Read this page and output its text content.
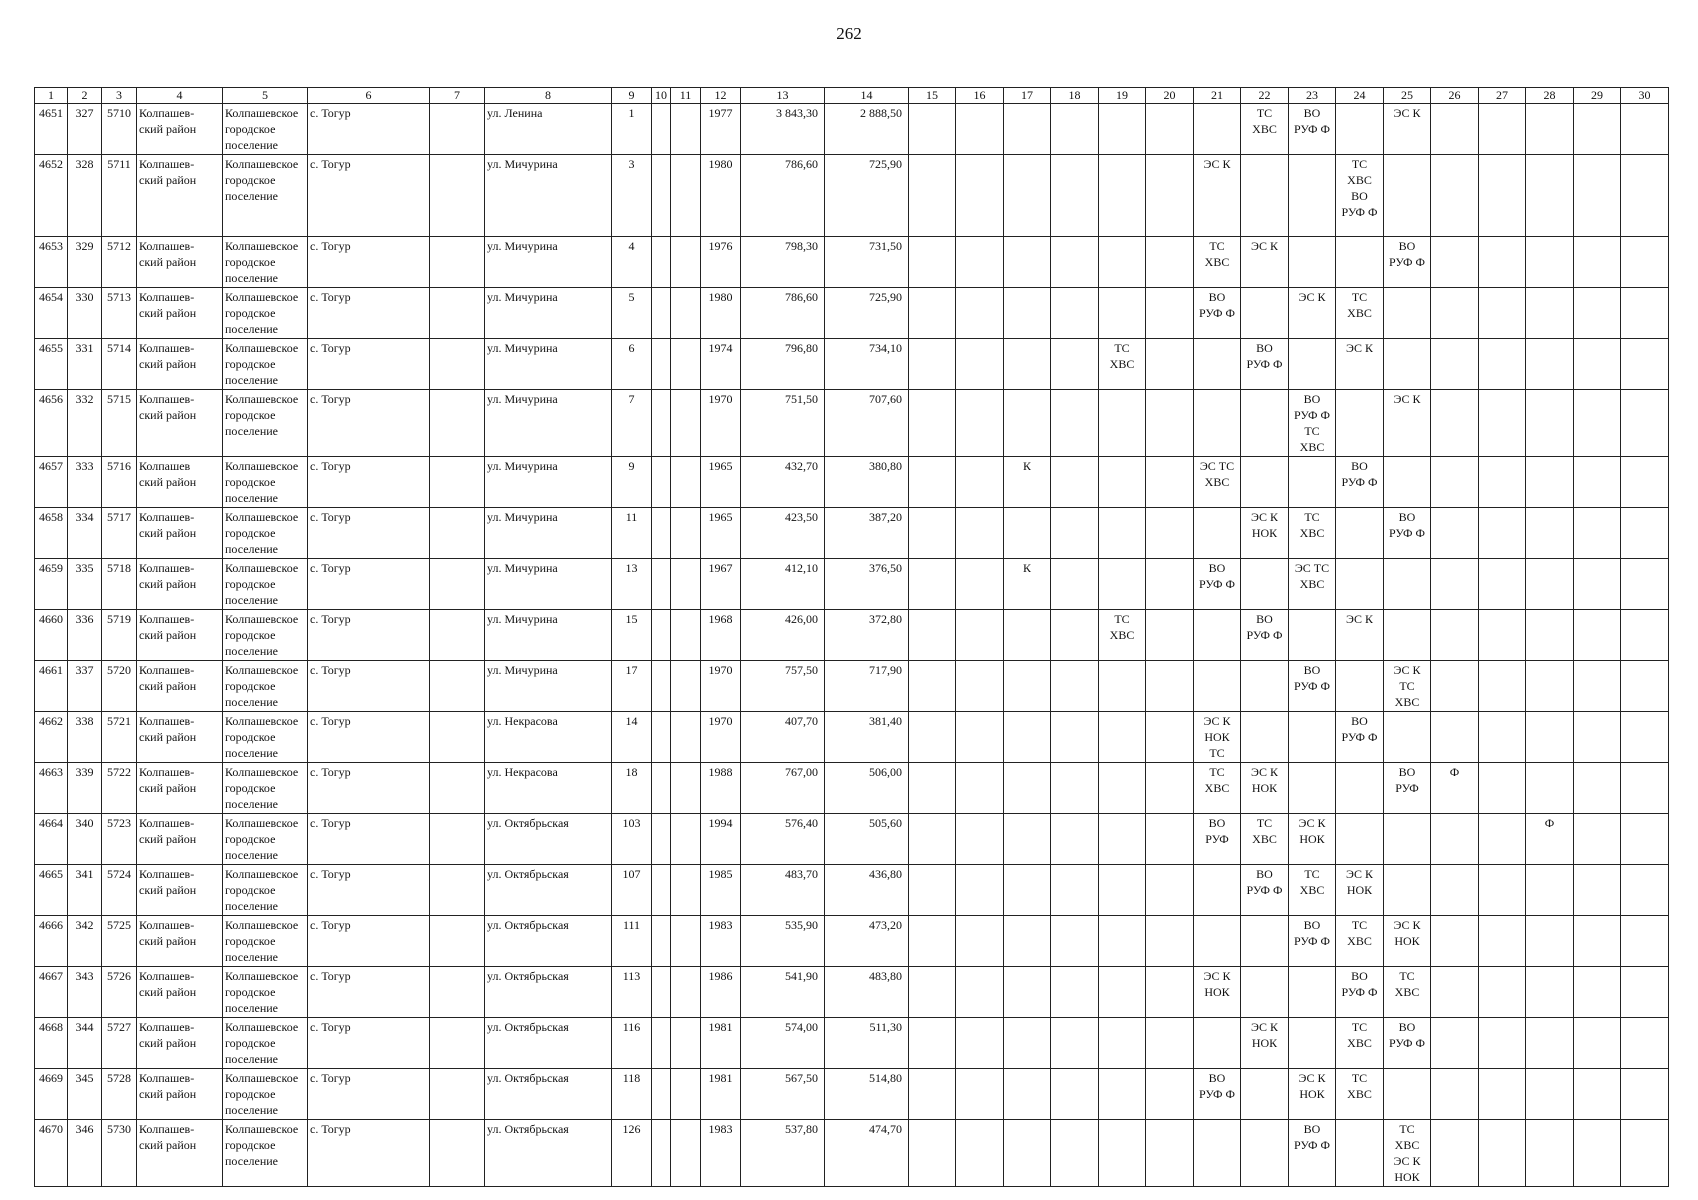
262
1	2	3	4	5	6	7	8	9	10	11	12	13	14	15	16	17	18	19	20	21	22	23	24	25	26	27	28	29	30
4651	327	5710	Колпашев-
ский район	Колпашевское
городское
поселение	с. Тогур		ул. Ленина	1			1977	3 843,30	2 888,50								ТС
ХВС	ВО
РУФ Ф		ЭС К					
4652	328	5711	Колпашев-
ский район	Колпашевское
городское
поселение	с. Тогур		ул. Мичурина	3			1980	786,60	725,90							ЭС К			ТС
ХВС
ВО
РУФ Ф						
4653	329	5712	Колпашев-
ский район	Колпашевское
городское
поселение	с. Тогур		ул. Мичурина	4			1976	798,30	731,50							ТС
ХВС	ЭС К			ВО
РУФ Ф					
4654	330	5713	Колпашев-
ский район	Колпашевское
городское
поселение	с. Тогур		ул. Мичурина	5			1980	786,60	725,90							ВО
РУФ Ф		ЭС К	ТС
ХВС						
4655	331	5714	Колпашев-
ский район	Колпашевское
городское
поселение	с. Тогур		ул. Мичурина	6			1974	796,80	734,10					ТС
ХВС			ВО
РУФ Ф		ЭС К						
4656	332	5715	Колпашев-
ский район	Колпашевское
городское
поселение	с. Тогур		ул. Мичурина	7			1970	751,50	707,60									ВО
РУФ Ф
ТС
ХВС		ЭС К					
4657	333	5716	Колпашев
ский район	Колпашевское
городское
поселение	с. Тогур		ул. Мичурина	9			1965	432,70	380,80			К				ЭС ТС
ХВС			ВО
РУФ Ф						
4658	334	5717	Колпашев-
ский район	Колпашевское
городское
поселение	с. Тогур		ул. Мичурина	11			1965	423,50	387,20								ЭС К
НОК	ТС
ХВС		ВО
РУФ Ф					
4659	335	5718	Колпашев-
ский район	Колпашевское
городское
поселение	с. Тогур		ул. Мичурина	13			1967	412,10	376,50			К				ВО
РУФ Ф		ЭС ТС
ХВС							
4660	336	5719	Колпашев-
ский район	Колпашевское
городское
поселение	с. Тогур		ул. Мичурина	15			1968	426,00	372,80					ТС
ХВС			ВО
РУФ Ф		ЭС К						
4661	337	5720	Колпашев-
ский район	Колпашевское
городское
поселение	с. Тогур		ул. Мичурина	17			1970	757,50	717,90									ВО
РУФ Ф		ЭС К
ТС
ХВС					
4662	338	5721	Колпашев-
ский район	Колпашевское
городское
поселение	с. Тогур		ул. Некрасова	14			1970	407,70	381,40							ЭС К
НОК
ТС			ВО
РУФ Ф						
4663	339	5722	Колпашев-
ский район	Колпашевское
городское
поселение	с. Тогур		ул. Некрасова	18			1988	767,00	506,00							ТС
ХВС	ЭС К
НОК			ВО
РУФ	Ф				
4664	340	5723	Колпашев-
ский район	Колпашевское
городское
поселение	с. Тогур		ул. Октябрьская	103			1994	576,40	505,60							ВО
РУФ	ТС
ХВС	ЭС К
НОК					Ф		
4665	341	5724	Колпашев-
ский район	Колпашевское
городское
поселение	с. Тогур		ул. Октябрьская	107			1985	483,70	436,80								ВО
РУФ Ф	ТС
ХВС	ЭС К
НОК						
4666	342	5725	Колпашев-
ский район	Колпашевское
городское
поселение	с. Тогур		ул. Октябрьская	111			1983	535,90	473,20									ВО
РУФ Ф	ТС
ХВС	ЭС К
НОК					
4667	343	5726	Колпашев-
ский район	Колпашевское
городское
поселение	с. Тогур		ул. Октябрьская	113			1986	541,90	483,80							ЭС К
НОК			ВО
РУФ Ф	ТС
ХВС					
4668	344	5727	Колпашев-
ский район	Колпашевское
городское
поселение	с. Тогур		ул. Октябрьская	116			1981	574,00	511,30								ЭС К
НОК		ТС
ХВС	ВО
РУФ Ф					
4669	345	5728	Колпашев-
ский район	Колпашевское
городское
поселение	с. Тогур		ул. Октябрьская	118			1981	567,50	514,80							ВО
РУФ Ф		ЭС К
НОК	ТС
ХВС						
4670	346	5730	Колпашев-
ский район	Колпашевское
городское
поселение	с. Тогур		ул. Октябрьская	126			1983	537,80	474,70									ВО
РУФ Ф		ТС
ХВС
ЭС К
НОК					
